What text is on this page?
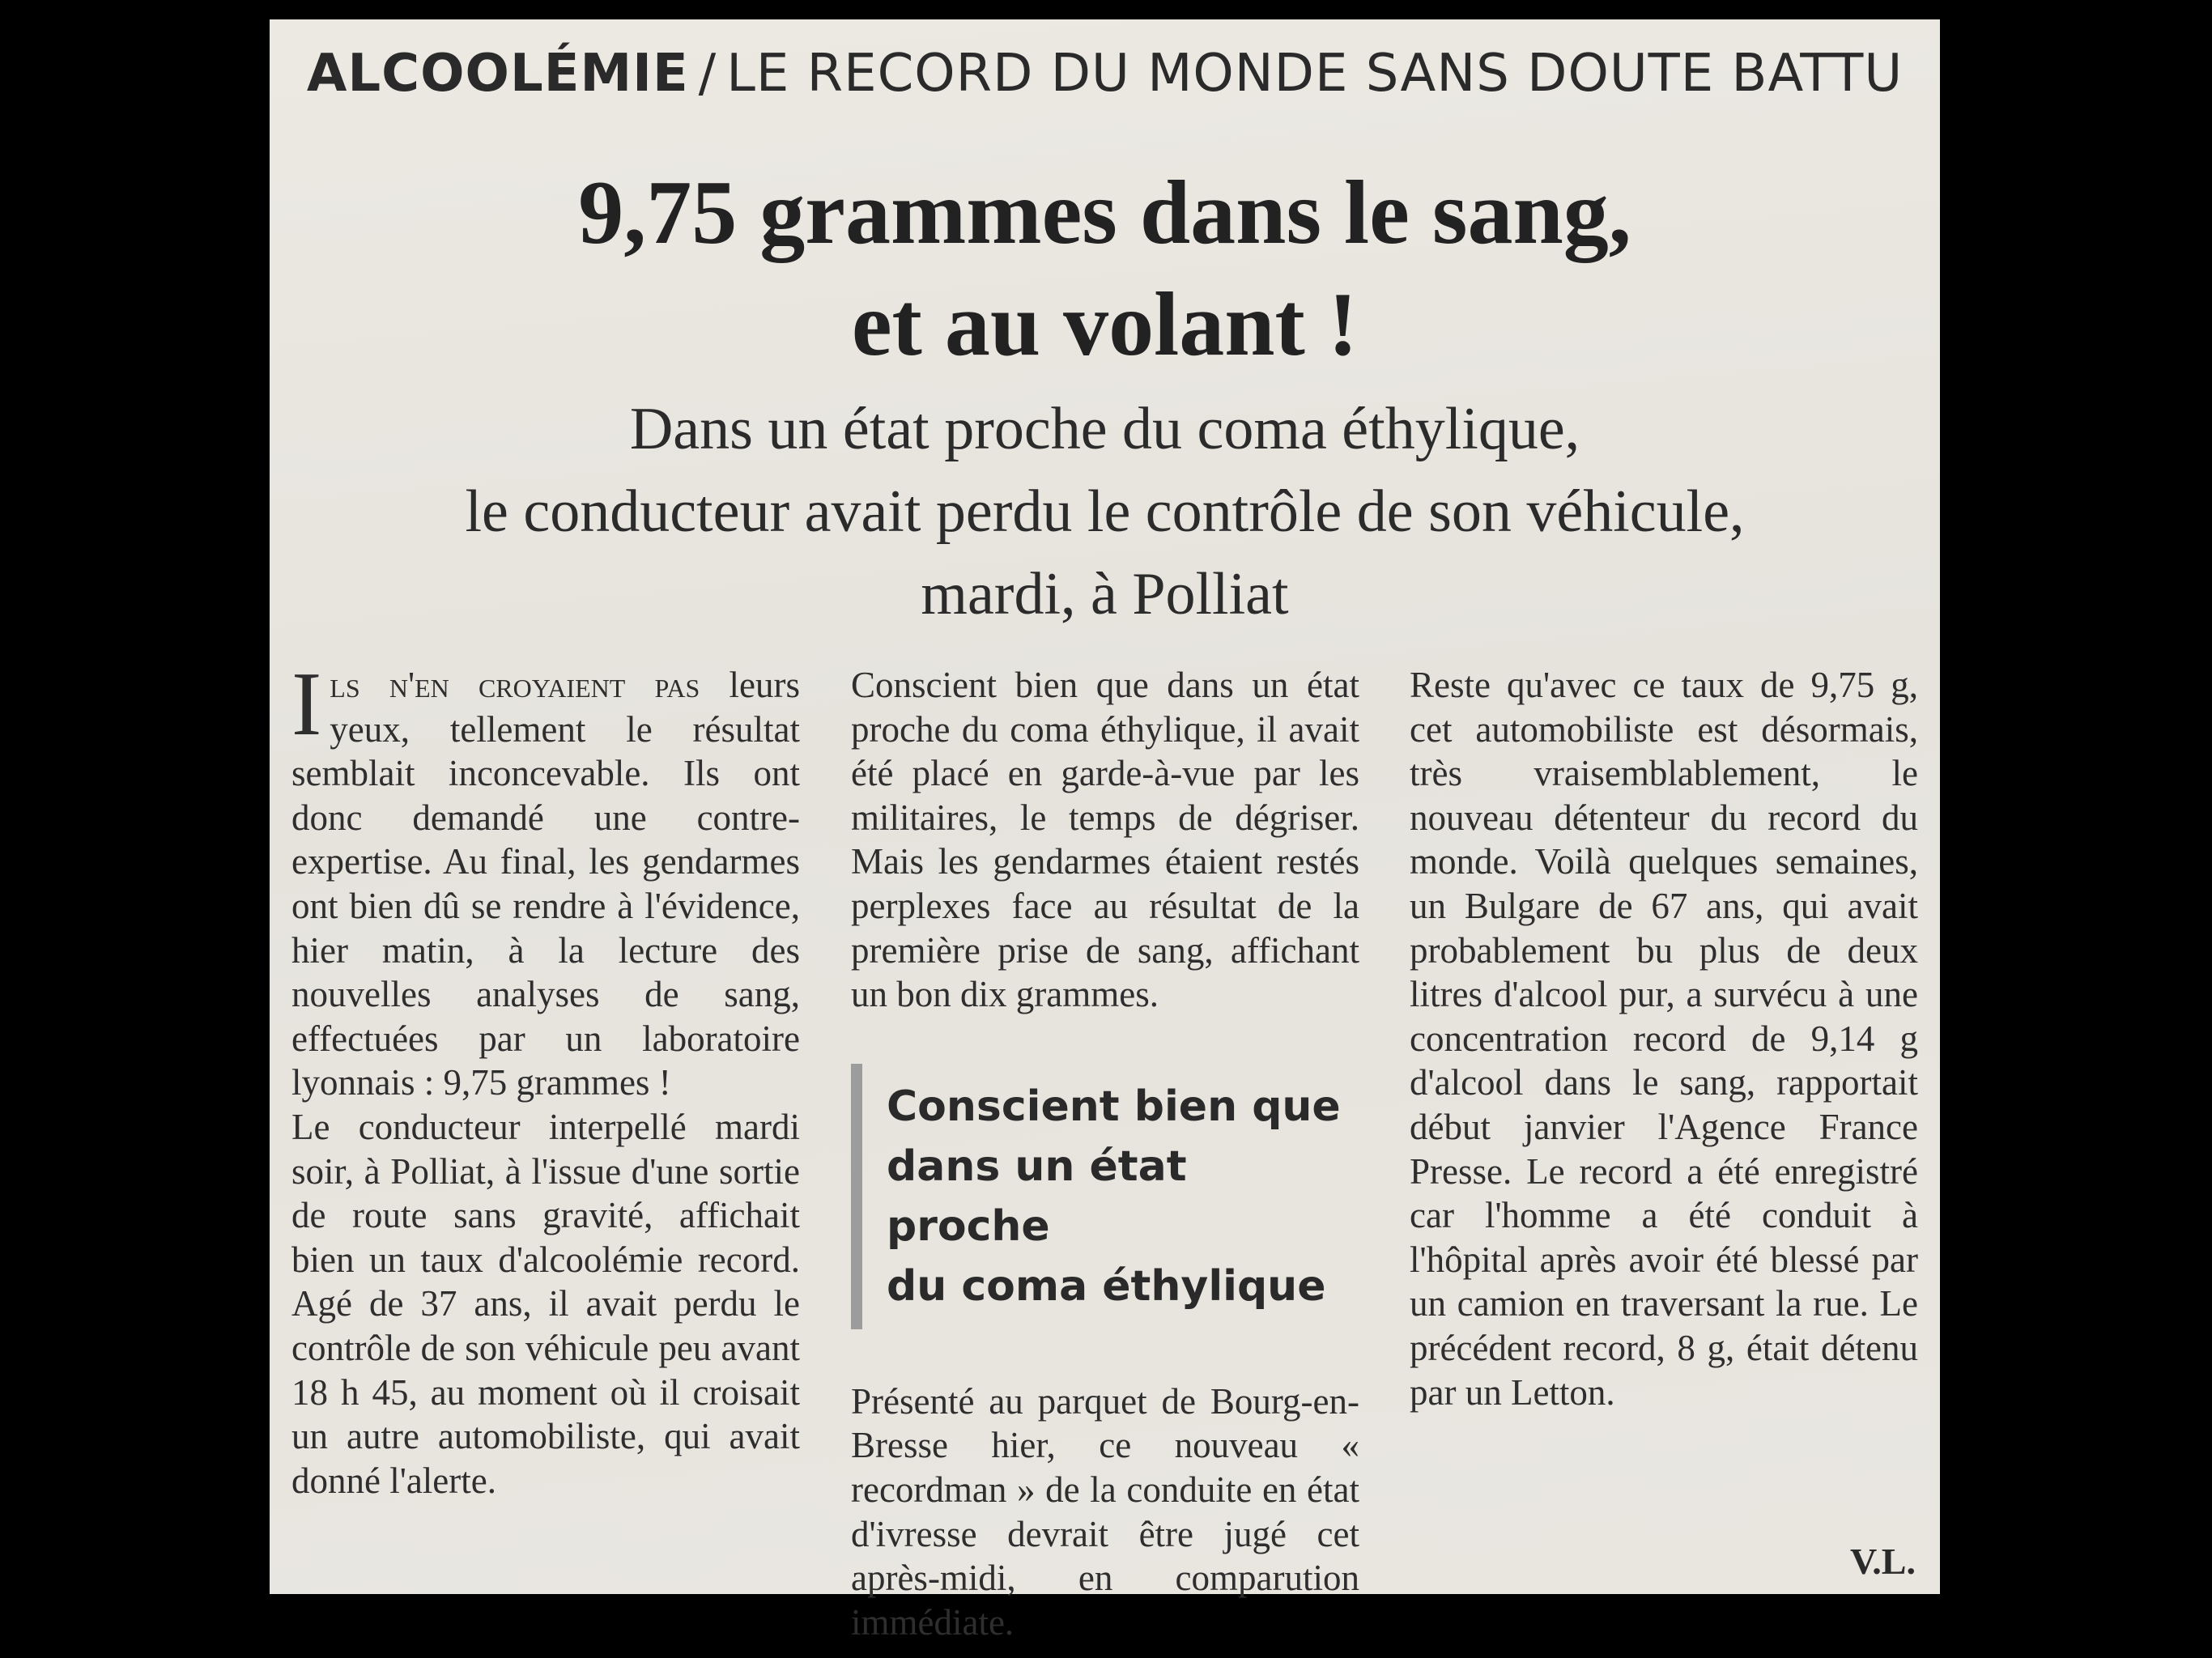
ALCOOLÉMIE / LE RECORD DU MONDE SANS DOUTE BATTU
9,75 grammes dans le sang,
et au volant !
Dans un état proche du coma éthylique,
le conducteur avait perdu le contrôle de son véhicule,
mardi, à Polliat

Ils n'en croyaient pas leurs yeux, tellement le résultat semblait inconcevable. Ils ont donc demandé une contre-expertise. Au final, les gendarmes ont bien dû se rendre à l'évidence, hier matin, à la lecture des nouvelles analyses de sang, effectuées par un laboratoire lyonnais : 9,75 grammes !

Le conducteur interpellé mardi soir, à Polliat, à l'issue d'une sortie de route sans gravité, affichait bien un taux d'alcoolémie record. Agé de 37 ans, il avait perdu le contrôle de son véhicule peu avant 18 h 45, au moment où il croisait un autre automobiliste, qui avait donné l'alerte.

Conscient bien que dans un état proche du coma éthylique, il avait été placé en garde-à-vue par les militaires, le temps de dégriser. Mais les gendarmes étaient restés perplexes face au résultat de la première prise de sang, affichant un bon dix grammes.

Conscient bien que
dans un état proche
du coma éthylique

Présenté au parquet de Bourg-en-Bresse hier, ce nouveau « recordman » de la conduite en état d'ivresse devrait être jugé cet après-midi, en comparution immédiate.

Reste qu'avec ce taux de 9,75 g, cet automobiliste est désormais, très vraisemblablement, le nouveau détenteur du record du monde. Voilà quelques semaines, un Bulgare de 67 ans, qui avait probablement bu plus de deux litres d'alcool pur, a survécu à une concentration record de 9,14 g d'alcool dans le sang, rapportait début janvier l'Agence France Presse. Le record a été enregistré car l'homme a été conduit à l'hôpital après avoir été blessé par un camion en traversant la rue. Le précédent record, 8 g, était détenu par un Letton.

V.L.
